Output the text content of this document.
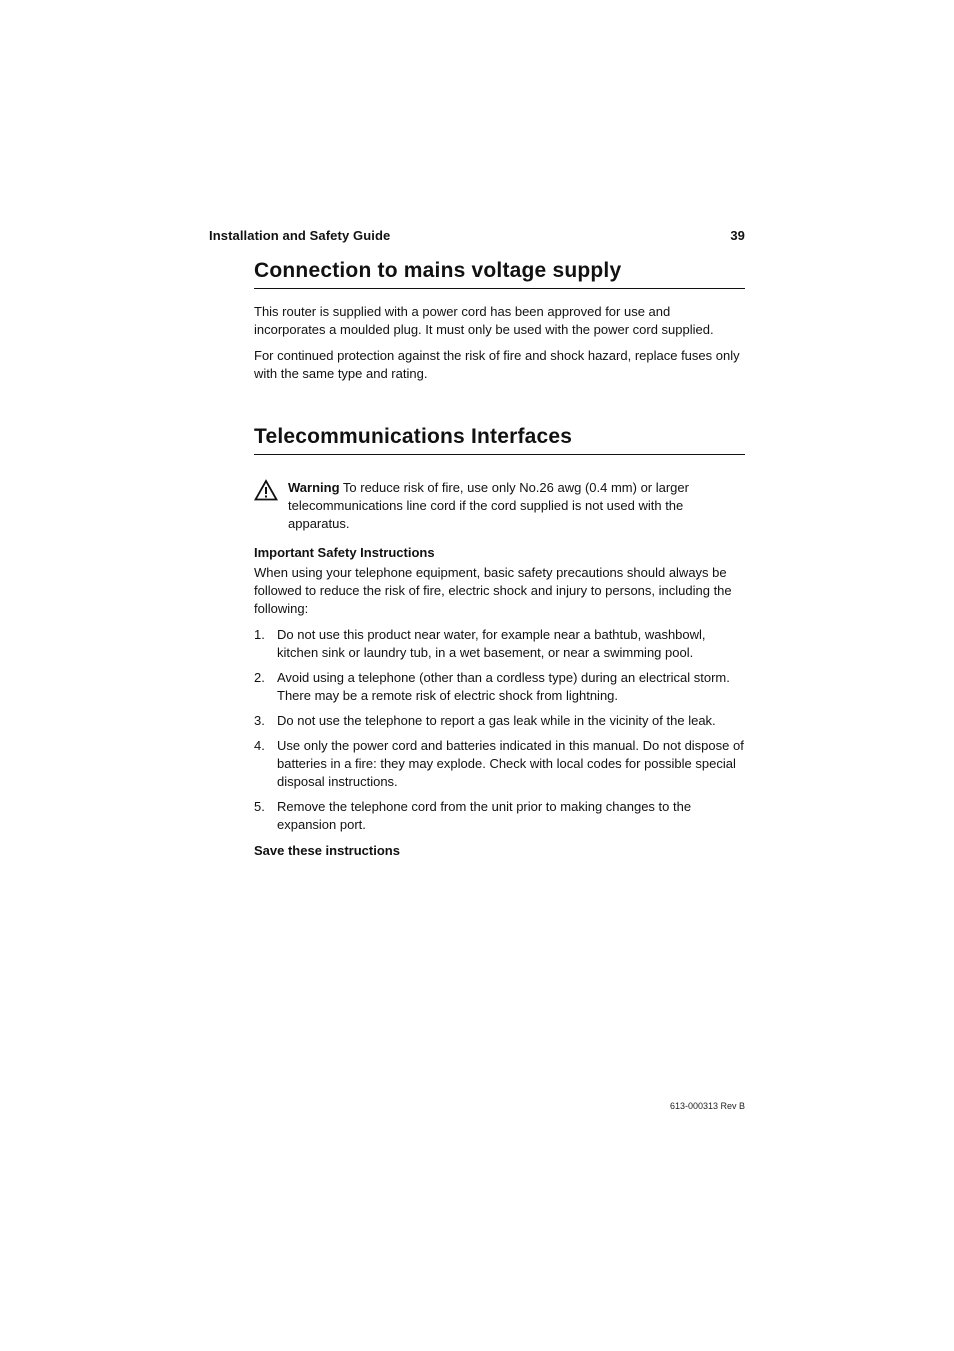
Installation and Safety Guide	39
Connection to mains voltage supply

This router is supplied with a power cord has been approved for use and incorporates a moulded plug. It must only be used with the power cord supplied.

For continued protection against the risk of fire and shock hazard, replace fuses only with the same type and rating.

Telecommunications Interfaces
Warning To reduce risk of fire, use only No.26 awg (0.4 mm) or larger telecommunications line cord if the cord supplied is not used with the apparatus.
Important Safety Instructions

When using your telephone equipment, basic safety precautions should always be followed to reduce the risk of fire, electric shock and injury to persons, including the following:

1. Do not use this product near water, for example near a bathtub, washbowl, kitchen sink or laundry tub, in a wet basement, or near a swimming pool.
2. Avoid using a telephone (other than a cordless type) during an electrical storm. There may be a remote risk of electric shock from lightning.
3. Do not use the telephone to report a gas leak while in the vicinity of the leak.
4. Use only the power cord and batteries indicated in this manual. Do not dispose of batteries in a fire: they may explode. Check with local codes for possible special disposal instructions.
5. Remove the telephone cord from the unit prior to making changes to the expansion port.
Save these instructions
613-000313 Rev B
